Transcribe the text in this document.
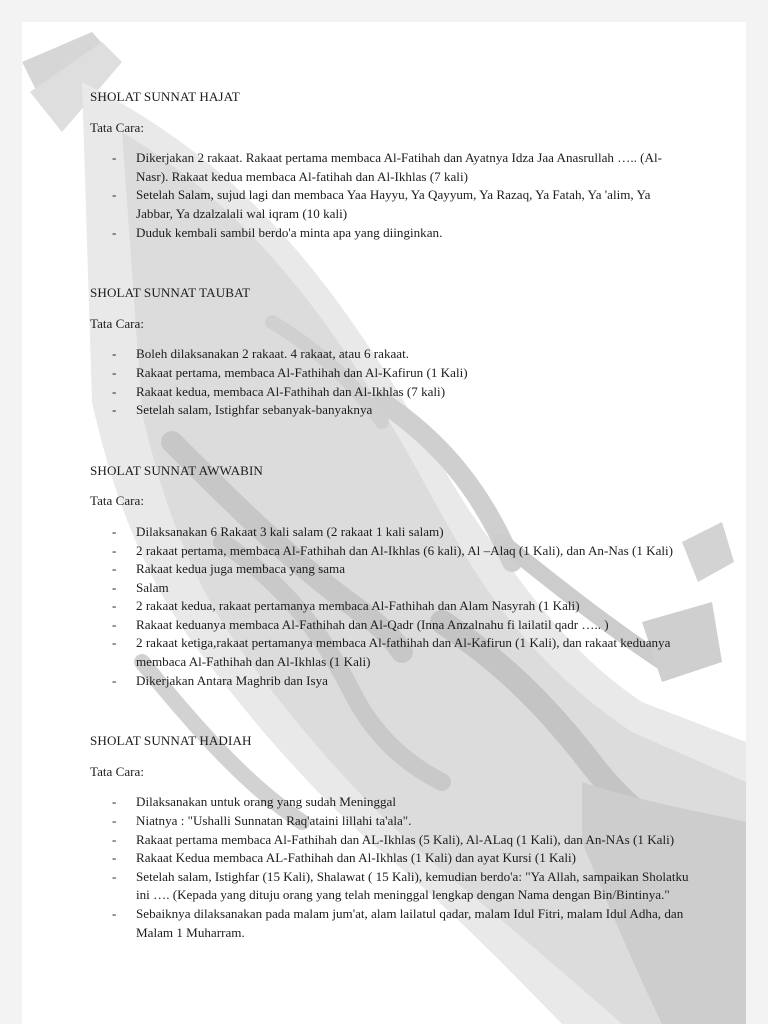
SHOLAT SUNNAT HAJAT

Tata Cara:

- Dikerjakan 2 rakaat. Rakaat pertama membaca Al-Fatihah dan Ayatnya Idza Jaa Anasrullah ….. (Al-Nasr). Rakaat kedua membaca Al-fatihah dan Al-Ikhlas (7 kali)
- Setelah Salam, sujud lagi dan membaca Yaa Hayyu, Ya Qayyum, Ya Razaq, Ya Fatah, Ya 'alim, Ya Jabbar, Ya dzalzalali wal iqram (10 kali)
- Duduk kembali sambil berdo'a minta apa yang diinginkan.

SHOLAT SUNNAT TAUBAT

Tata Cara:

- Boleh dilaksanakan 2 rakaat. 4 rakaat, atau 6 rakaat.
- Rakaat pertama, membaca Al-Fathihah dan Al-Kafirun (1 Kali)
- Rakaat kedua, membaca Al-Fathihah dan Al-Ikhlas (7 kali)
- Setelah salam, Istighfar sebanyak-banyaknya

SHOLAT SUNNAT AWWABIN

Tata Cara:

- Dilaksanakan 6 Rakaat 3 kali salam (2 rakaat 1 kali salam)
- 2 rakaat pertama, membaca Al-Fathihah dan Al-Ikhlas (6 kali), Al –Alaq (1 Kali), dan An-Nas (1 Kali)
- Rakaat kedua juga membaca yang sama
- Salam
- 2 rakaat kedua, rakaat pertamanya membaca Al-Fathihah dan Alam Nasyrah (1 Kali)
- Rakaat keduanya membaca Al-Fathihah dan Al-Qadr (Inna Anzalnahu fi lailatil qadr ….. )
- 2 rakaat ketiga,rakaat pertamanya membaca Al-fathihah dan Al-Kafirun (1 Kali), dan rakaat keduanya membaca Al-Fathihah dan Al-Ikhlas (1 Kali)
- Dikerjakan Antara Maghrib dan Isya

SHOLAT SUNNAT HADIAH

Tata Cara:

- Dilaksanakan untuk orang yang sudah Meninggal
- Niatnya : "Ushalli Sunnatan Raq'ataini lillahi ta'ala".
- Rakaat pertama membaca Al-Fathihah dan AL-Ikhlas (5 Kali), Al-ALaq (1 Kali), dan An-NAs (1 Kali)
- Rakaat Kedua membaca AL-Fathihah dan Al-Ikhlas (1 Kali) dan ayat Kursi (1 Kali)
- Setelah salam, Istighfar (15 Kali), Shalawat ( 15 Kali), kemudian berdo'a: "Ya Allah, sampaikan Sholatku ini …. (Kepada yang dituju orang yang telah meninggal lengkap dengan Nama dengan Bin/Bintinya."
- Sebaiknya dilaksanakan pada malam jum'at, alam lailatul qadar, malam Idul Fitri, malam Idul Adha, dan Malam 1 Muharram.
